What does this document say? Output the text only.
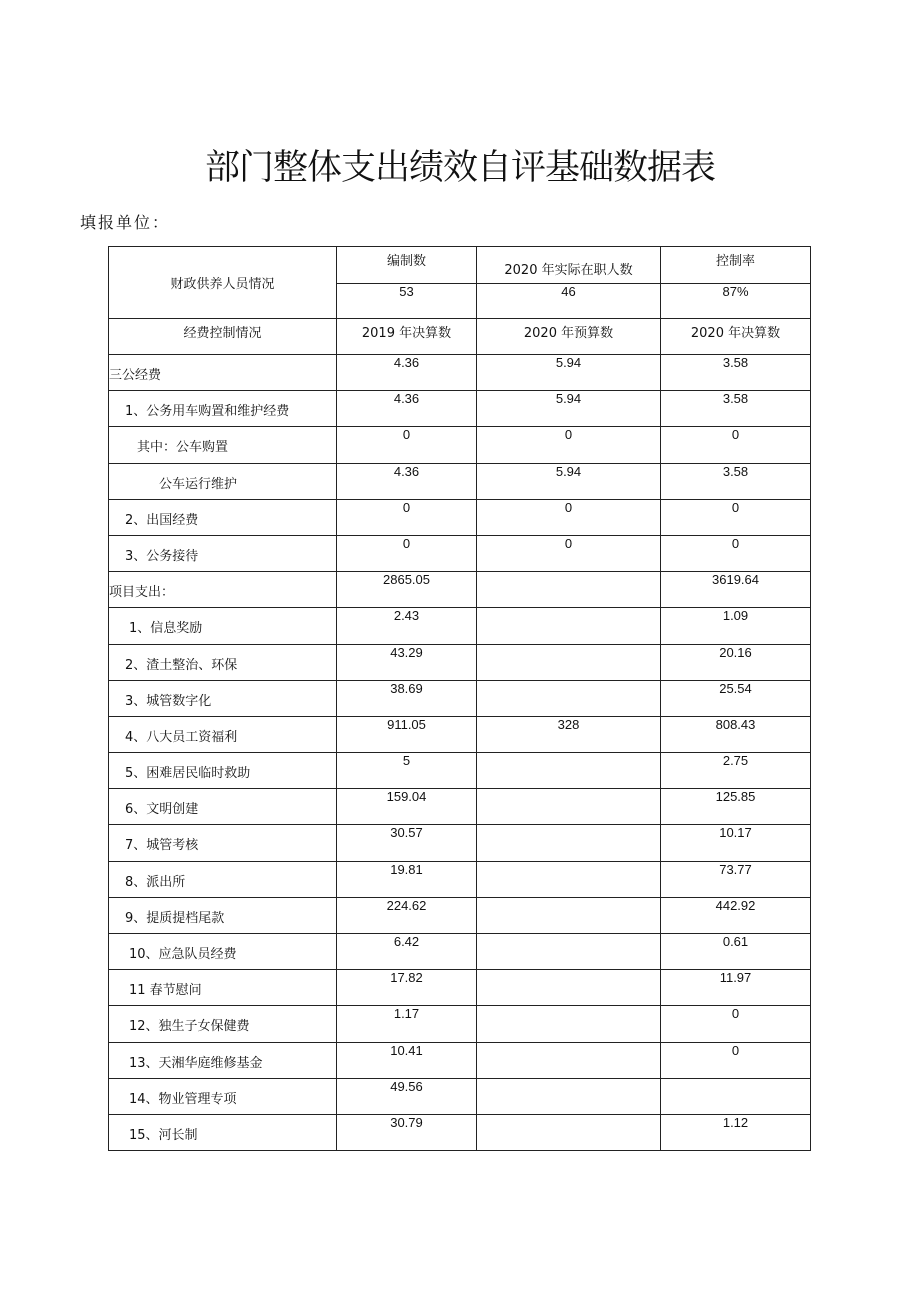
部门整体支出绩效自评基础数据表
填报单位：
财政供养人员情况	编制数	2020 年实际在职人数	控制率
	53	46	87%
经费控制情况	2019 年决算数	2020 年预算数	2020 年决算数

三公经费	4.36	5.94	3.58

1、公务用车购置和维护经费	4.36	5.94	3.58

其中：公车购置	0	0	0

公车运行维护	4.36	5.94	3.58

2、出国经费	0	0	0

3、公务接待	0	0	0

项目支出：	2865.05		3619.64

1、信息奖励	2.43		1.09

2、渣土整治、环保	43.29		20.16

3、城管数字化	38.69		25.54

4、八大员工资福利	911.05	328	808.43

5、困难居民临时救助	5		2.75

6、文明创建	159.04		125.85

7、城管考核	30.57		10.17

8、派出所	19.81		73.77

9、提质提档尾款	224.62		442.92

10、应急队员经费	6.42		0.61

11 春节慰问	17.82		11.97

12、独生子女保健费	1.17		0

13、天湘华庭维修基金	10.41		0

14、物业管理专项	49.56		

15、河长制	30.79		1.12
